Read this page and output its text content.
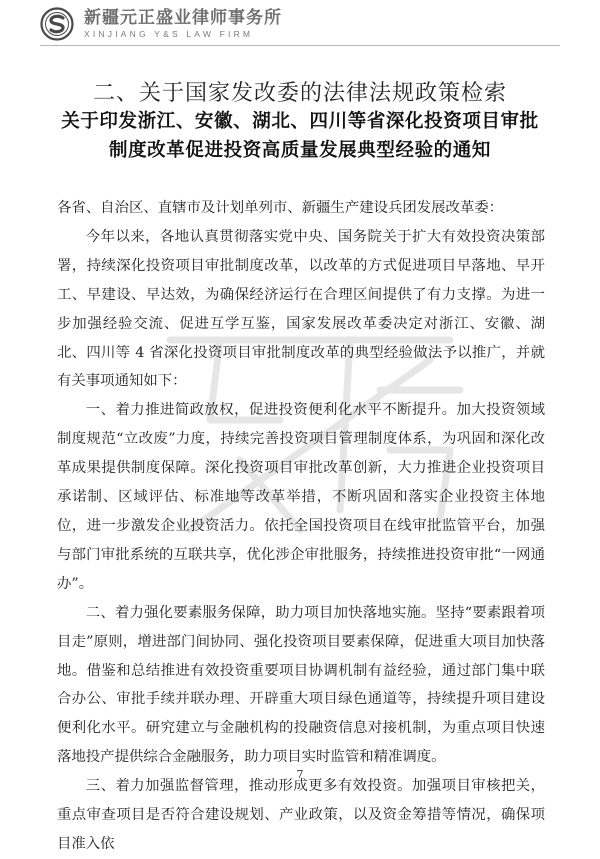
新疆元正盛业律师事务所
XINJIANG Y&S LAW FIRM
二、关于国家发改委的法律法规政策检索
关于印发浙江、安徽、湖北、四川等省深化投资项目审批
制度改革促进投资高质量发展典型经验的通知

各省、自治区、直辖市及计划单列市、新疆生产建设兵团发展改革委：

今年以来，各地认真贯彻落实党中央、国务院关于扩大有效投资决策部署，持续深化投资项目审批制度改革，以改革的方式促进项目早落地、早开工、早建设、早达效，为确保经济运行在合理区间提供了有力支撑。为进一步加强经验交流、促进互学互鉴，国家发展改革委决定对浙江、安徽、湖北、四川等 4 省深化投资项目审批制度改革的典型经验做法予以推广，并就有关事项通知如下：

一、着力推进简政放权，促进投资便利化水平不断提升。加大投资领域制度规范“立改废”力度，持续完善投资项目管理制度体系，为巩固和深化改革成果提供制度保障。深化投资项目审批改革创新，大力推进企业投资项目承诺制、区域评估、标准地等改革举措，不断巩固和落实企业投资主体地位，进一步激发企业投资活力。依托全国投资项目在线审批监管平台，加强与部门审批系统的互联共享，优化涉企审批服务，持续推进投资审批“一网通办”。

二、着力强化要素服务保障，助力项目加快落地实施。坚持“要素跟着项目走”原则，增进部门间协同、强化投资项目要素保障，促进重大项目加快落地。借鉴和总结推进有效投资重要项目协调机制有益经验，通过部门集中联合办公、审批手续并联办理、开辟重大项目绿色通道等，持续提升项目建设便利化水平。研究建立与金融机构的投融资信息对接机制，为重点项目快速落地投产提供综合金融服务，助力项目实时监管和精准调度。

三、着力加强监督管理，推动形成更多有效投资。加强项目审核把关，重点审查项目是否符合建设规划、产业政策，以及资金筹措等情况，确保项目准入依

7
